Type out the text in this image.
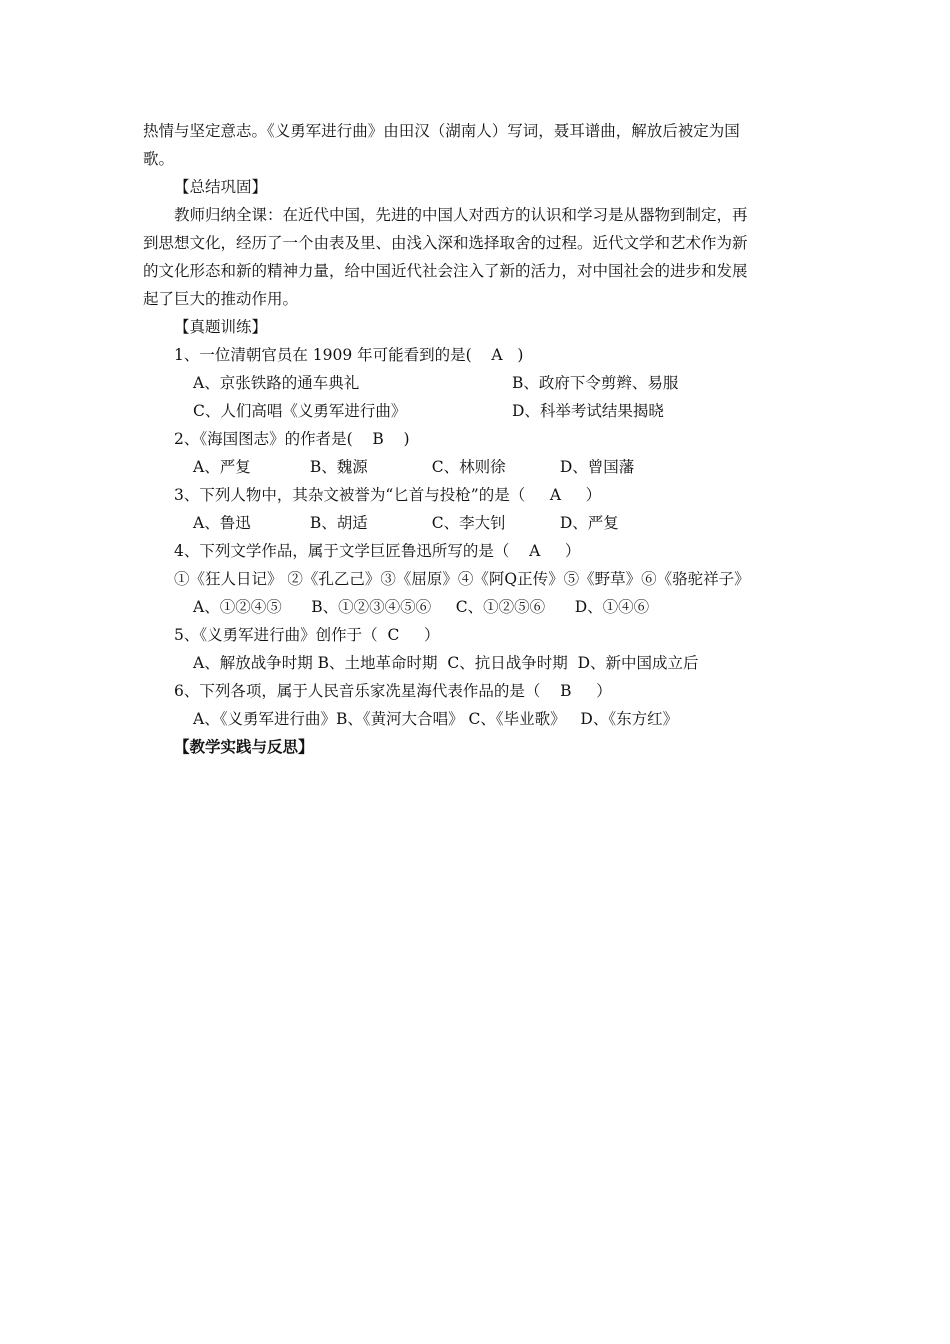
热情与坚定意志。《义勇军进行曲》由田汉（湖南人）写词，聂耳谱曲，解放后被定为国
歌。
【总结巩固】
教师归纳全课：在近代中国，先进的中国人对西方的认识和学习是从器物到制定，再
到思想文化，经历了一个由表及里、由浅入深和选择取舍的过程。近代文学和艺术作为新
的文化形态和新的精神力量，给中国近代社会注入了新的活力，对中国社会的进步和发展
起了巨大的推动作用。
【真题训练】
1、一位清朝官员在 1909 年可能看到的是(    A   )
A、京张铁路的通车典礼	B、政府下令剪辫、易服
C、人们高唱《义勇军进行曲》	D、科举考试结果揭晓
2、《海国图志》的作者是(    B    )
A、严复            B、魏源             C、林则徐           D、曾国藩
3、下列人物中，其杂文被誉为“匕首与投枪”的是（     A     ）
A、鲁迅            B、胡适             C、李大钊           D、严复
4、下列文学作品，属于文学巨匠鲁迅所写的是（    A     ）
①《狂人日记》 ②《孔乙己》③《屈原》④《阿Q正传》⑤《野草》⑥《骆驼祥子》
A、①②④⑤      B、①②③④⑤⑥     C、①②⑤⑥      D、①④⑥
5、《义勇军进行曲》创作于（  C     ）
A、解放战争时期 B、土地革命时期  C、抗日战争时期  D、新中国成立后
6、下列各项，属于人民音乐家冼星海代表作品的是（    B     ）
A、《义勇军进行曲》B、《黄河大合唱》 C、《毕业歌》   D、《东方红》
【教学实践与反思】
